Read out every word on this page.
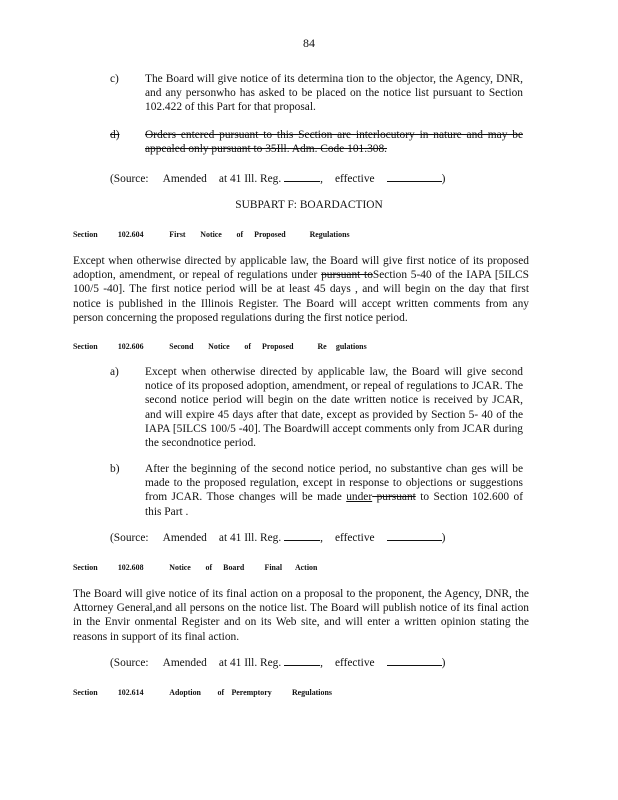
84
c) The Board will give notice of its determina tion to the objector, the Agency, DNR, and any personwho has asked to be placed on the notice list pursuant to Section 102.422 of this Part for that proposal.
d) Orders entered pursuant to this Section are interlocutory in nature and may be appealed only pursuant to 35Ill. Adm. Code 101.308.
(Source: Amended at 41 Ill. Reg.	, effective	)
SUBPART F: BOARDACTION
Section 102.604	First Notice of Proposed	Regulations
Except when otherwise directed by applicable law, the Board will give first notice of its proposed adoption, amendment, or repeal of regulations under pursuant toSection 5-40 of the IAPA [5ILCS 100/5 -40]. The first notice period will be at least 45 days , and will begin on the day that first notice is published in the Illinois Register. The Board will accept written comments from any person concerning the proposed regulations during the first notice period.
Section 102.606	Second Notice of Proposed	Re gulations
a) Except when otherwise directed by applicable law, the Board will give second notice of its proposed adoption, amendment, or repeal of regulations to JCAR. The second notice period will begin on the date written notice is received by JCAR, and will expire 45 days after that date, except as provided by Section 5- 40 of the IAPA [5ILCS 100/5 -40]. The Boardwill accept comments only from JCAR during the secondnotice period.
b) After the beginning of the second notice period, no substantive chan ges will be made to the proposed regulation, except in response to objections or suggestions from JCAR. Those changes will be made under pursuant to Section 102.600 of this Part .
(Source: Amended at 41 Ill. Reg.	, effective	)
Section 102.608	Notice of Board Final Action
The Board will give notice of its final action on a proposal to the proponent, the Agency, DNR, the Attorney General,and all persons on the notice list. The Board will publish notice of its final action in the Envir onmental Register and on its Web site, and will enter a written opinion stating the reasons in support of its final action.
(Source: Amended at 41 Ill. Reg.	, effective	)
Section 102.614	Adoption of Peremptory Regulations
